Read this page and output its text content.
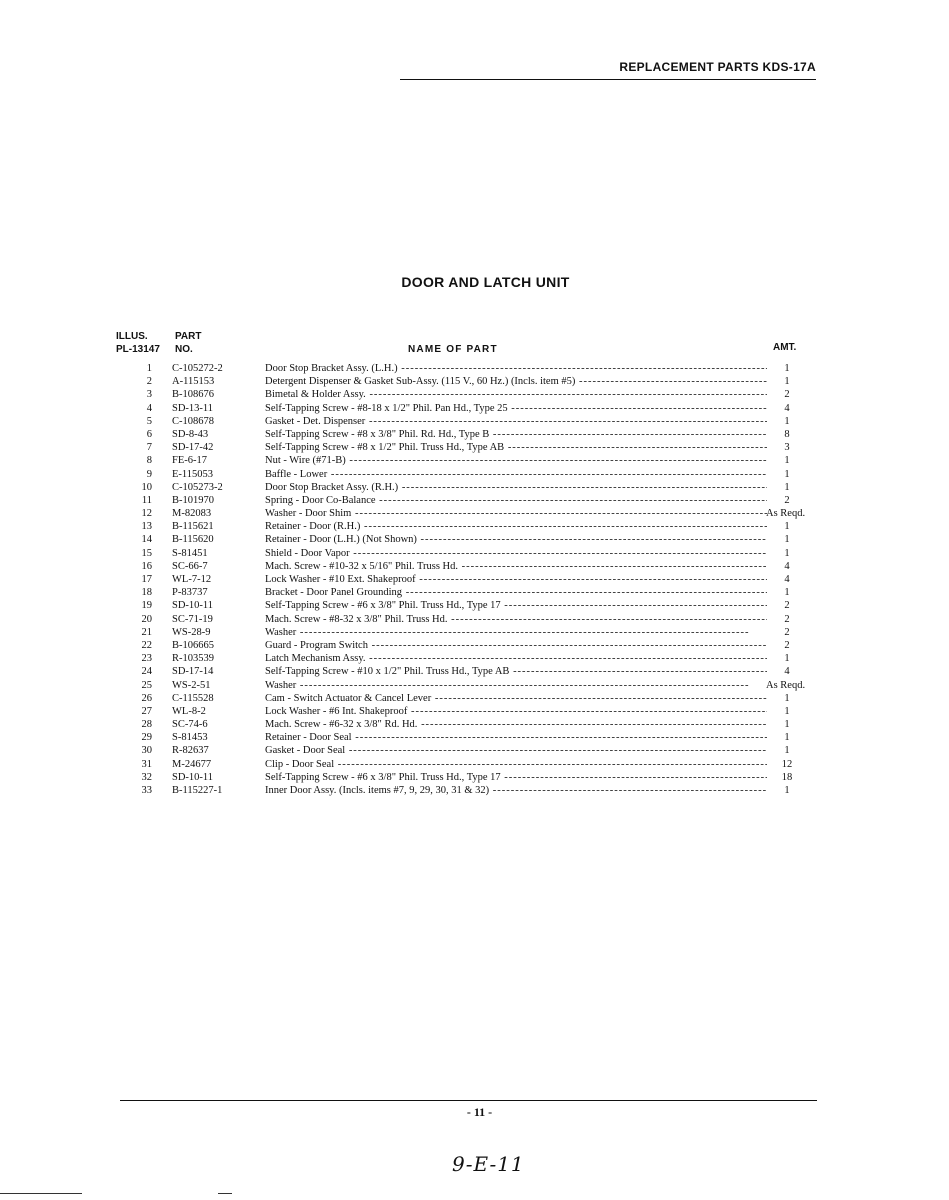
REPLACEMENT PARTS KDS-17A
DOOR AND LATCH UNIT
ILLUS.
PL-13147
PART
NO.	NAME OF PART	AMT.
1 C-105272-2	Door Stop Bracket Assy. (L.H.) -----	1
2 A-115153	Detergent Dispenser & Gasket Sub-Assy. (115 V., 60 Hz.) (Incls. item #5) -----	1
3 B-108676	Bimetal & Holder Assy. -----	2
4 SD-13-11	Self-Tapping Screw - #8-18 x 1/2" Phil. Pan Hd., Type 25 -----	4
5 C-108678	Gasket - Det. Dispenser -----	1
6 SD-8-43	Self-Tapping Screw - #8 x 3/8" Phil. Rd. Hd., Type B -----	8
7 SD-17-42	Self-Tapping Screw - #8 x 1/2" Phil. Truss Hd., Type AB -----	3
8 FE-6-17	Nut - Wire (#71-B) -----	1
9 E-115053	Baffle - Lower -----	1
10 C-105273-2	Door Stop Bracket Assy. (R.H.) -----	1
11 B-101970	Spring - Door Co-Balance -----	2
12 M-82083	Washer - Door Shim -----	As Reqd.
13 B-115621	Retainer - Door (R.H.) -----	1
14 B-115620	Retainer - Door (L.H.) (Not Shown) -----	1
15 S-81451	Shield - Door Vapor -----	1
16 SC-66-7	Mach. Screw - #10-32 x 5/16" Phil. Truss Hd. -----	4
17 WL-7-12	Lock Washer - #10 Ext. Shakeproof -----	4
18 P-83737	Bracket - Door Panel Grounding -----	1
19 SD-10-11	Self-Tapping Screw - #6 x 3/8" Phil. Truss Hd., Type 17 -----	2
20 SC-71-19	Mach. Screw - #8-32 x 3/8" Phil. Truss Hd. -----	2
21 WS-28-9	Washer -----	2
22 B-106665	Guard - Program Switch -----	2
23 R-103539	Latch Mechanism Assy. -----	1
24 SD-17-14	Self-Tapping Screw - #10 x 1/2" Phil. Truss Hd., Type AB -----	4
25 WS-2-51	Washer -----	As Reqd.
26 C-115528	Cam - Switch Actuator & Cancel Lever -----	1
27 WL-8-2	Lock Washer - #6 Int. Shakeproof -----	1
28 SC-74-6	Mach. Screw - #6-32 x 3/8" Rd. Hd. -----	1
29 S-81453	Retainer - Door Seal -----	1
30 R-82637	Gasket - Door Seal -----	1
31 M-24677	Clip - Door Seal -----	12
32 SD-10-11	Self-Tapping Screw - #6 x 3/8" Phil. Truss Hd., Type 17 -----	18
33 B-115227-1	Inner Door Assy. (Incls. items #7, 9, 29, 30, 31 & 32) -----	1
- 11 -
9-E-11
